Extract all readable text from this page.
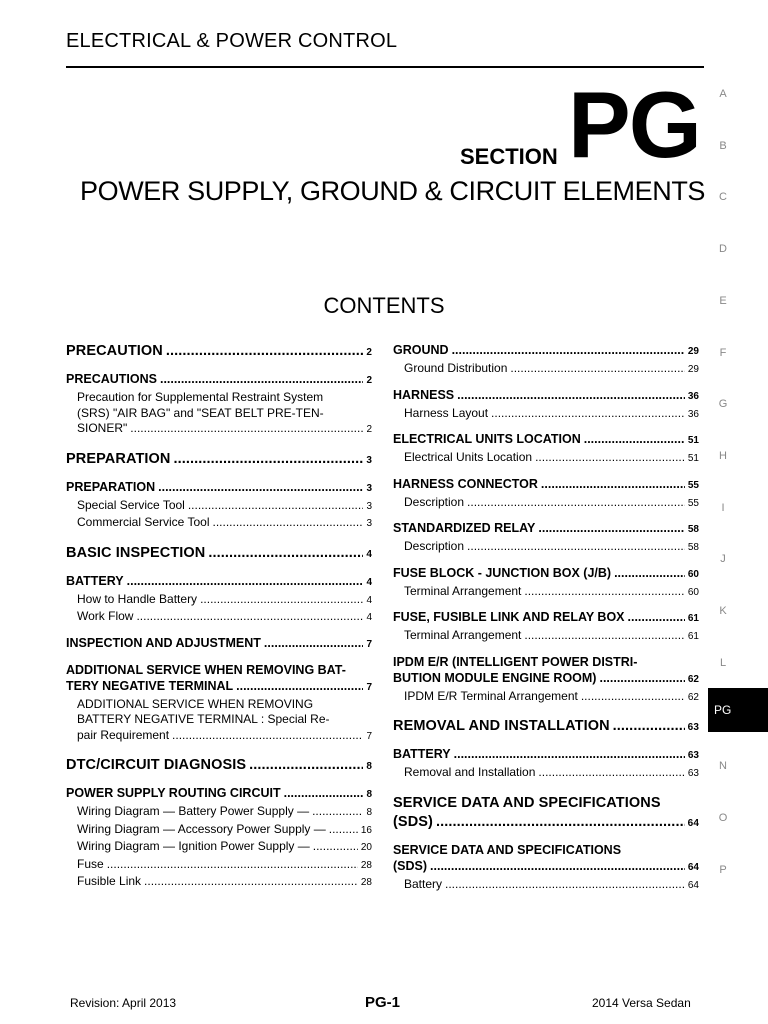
ELECTRICAL & POWER CONTROL
SECTION PG
POWER SUPPLY, GROUND & CIRCUIT ELEMENTS
CONTENTS
PRECAUTION .....	2
PRECAUTIONS .....	2
Precaution for Supplemental Restraint System
(SRS) "AIR BAG" and "SEAT BELT PRE-TEN-
SIONER" .....	2
PREPARATION .....	3
PREPARATION .....	3
Special Service Tool .....	3
Commercial Service Tool .....	3
BASIC INSPECTION .....	4
BATTERY .....	4
How to Handle Battery .....	4
Work Flow .....	4
INSPECTION AND ADJUSTMENT .....	7
ADDITIONAL SERVICE WHEN REMOVING BAT-
TERY NEGATIVE TERMINAL .....	7
ADDITIONAL SERVICE WHEN REMOVING
BATTERY NEGATIVE TERMINAL : Special Re-
pair Requirement .....	7
DTC/CIRCUIT DIAGNOSIS .....	8
POWER SUPPLY ROUTING CIRCUIT .....	8
Wiring Diagram — Battery Power Supply — .....	8
Wiring Diagram — Accessory Power Supply — .....	16
Wiring Diagram — Ignition Power Supply — .....	20
Fuse .....	28
Fusible Link .....	28
GROUND .....	29
Ground Distribution .....	29
HARNESS .....	36
Harness Layout .....	36
ELECTRICAL UNITS LOCATION .....	51
Electrical Units Location .....	51
HARNESS CONNECTOR .....	55
Description .....	55
STANDARDIZED RELAY .....	58
Description .....	58
FUSE BLOCK - JUNCTION BOX (J/B) .....	60
Terminal Arrangement .....	60
FUSE, FUSIBLE LINK AND RELAY BOX .....	61
Terminal Arrangement .....	61
IPDM E/R (INTELLIGENT POWER DISTRI-
BUTION MODULE ENGINE ROOM) .....	62
IPDM E/R Terminal Arrangement .....	62
REMOVAL AND INSTALLATION .....	63
BATTERY .....	63
Removal and Installation .....	63
SERVICE DATA AND SPECIFICATIONS
(SDS) .....	64
SERVICE DATA AND SPECIFICATIONS
(SDS) .....	64
Battery .....	64
A
B
C
D
E
F
G
H
I
J
K
L
PG
N
O
P
Revision: April 2013	PG-1	2014 Versa Sedan
